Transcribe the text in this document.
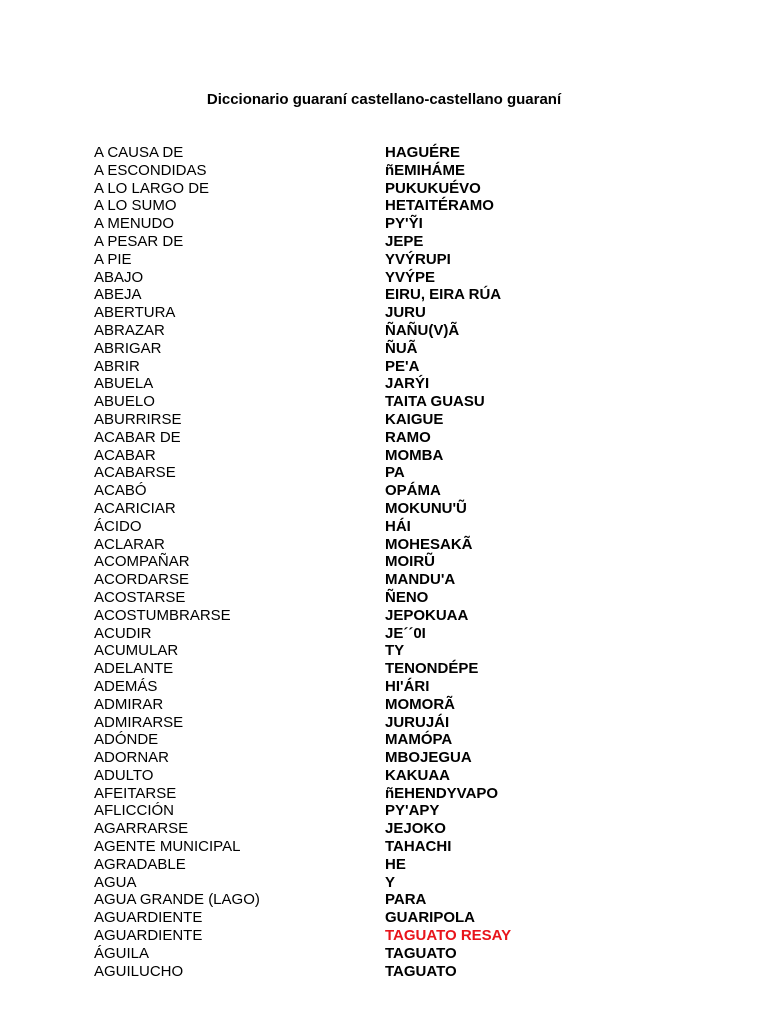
Diccionario guaraní castellano-castellano guaraní
A CAUSA DE	HAGUÉRE
A ESCONDIDAS	ñEMIHÁME
A LO LARGO DE	PUKUKUÉVO
A LO SUMO	HETAITÉRAMO
A MENUDO	PY'ỸI
A PESAR DE	JEPE
A PIE	YVÝRUPI
ABAJO	YVÝPE
ABEJA	EIRU, EIRA RÚA
ABERTURA	JURU
ABRAZAR	ÑAÑU(V)Ã
ABRIGAR	ÑUÃ
ABRIR	PE'A
ABUELA	JARÝI
ABUELO	TAITA GUASU
ABURRIRSE	KAIGUE
ACABAR DE	RAMO
ACABAR	MOMBA
ACABARSE	PA
ACABÓ	OPÁMA
ACARICIAR	MOKUNU'Ũ
ÁCIDO	HÁI
ACLARAR	MOHESAKÃ
ACOMPAÑAR	MOIRŨ
ACORDARSE	MANDU'A
ACOSTARSE	ÑENO
ACOSTUMBRARSE	JEPOKUAA
ACUDIR	JE´´0I
ACUMULAR	TY
ADELANTE	TENONDÉPE
ADEMÁS	HI'ÁRI
ADMIRAR	MOMORÃ
ADMIRARSE	JURUJÁI
ADÓNDE	MAMÓPA
ADORNAR	MBOJEGUA
ADULTO	KAKUAA
AFEITARSE	ñEHENDYVAPO
AFLICCIÓN	PY'APY
AGARRARSE	JEJOKO
AGENTE MUNICIPAL	TAHACHI
AGRADABLE	HE
AGUA	Y
AGUA GRANDE (LAGO)	PARA
AGUARDIENTE	GUARIPOLA
AGUARDIENTE	TAGUATO RESAY
ÁGUILA	TAGUATO
AGUILUCHO	TAGUATO
